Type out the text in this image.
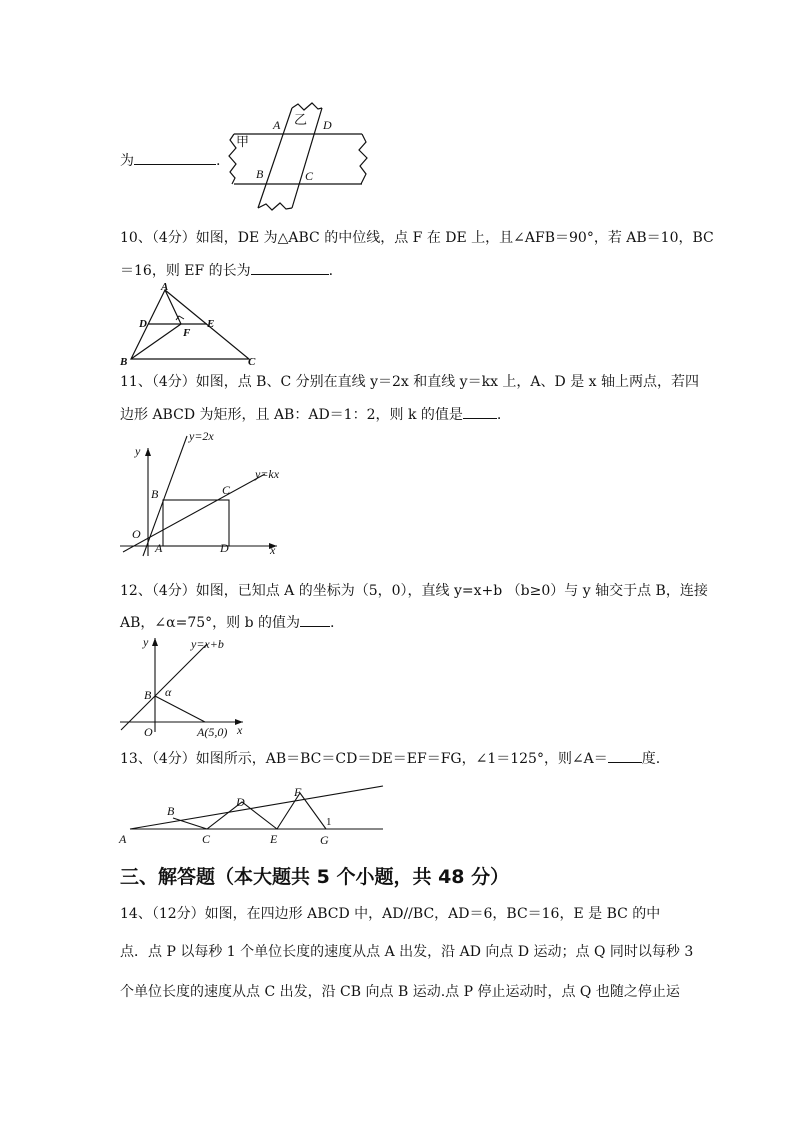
为	.
甲
乙
A	D
B	C
10、（4分）如图，DE 为△ABC 的中位线，点 F 在 DE 上，且∠AFB＝90°，若 AB＝10，BC
＝16，则 EF 的长为	.
A
D	E
F
B	C
11、（4分）如图，点 B、C 分别在直线 y＝2x 和直线 y＝kx 上，A、D 是 x 轴上两点，若四
边形 ABCD 为矩形，且 AB：AD＝1：2，则 k 的值是 .
y
x
y=2x
y=kx
O
A
B	C
D
12、（4分）如图，已知点 A 的坐标为（5，0），直线 y=x+b （b≥0）与 y 轴交于点 B，连接
AB，∠α=75°，则 b 的值为 .
y
x
y=x+b
B α
O	A(5,0)
13、（4分）如图所示，AB＝BC＝CD＝DE＝EF＝FG，∠1＝125°，则∠A＝ 度.
A
B
C
D
E
F
G
1
三、解答题（本大题共 5 个小题，共 48 分）
14、（12分）如图，在四边形 ABCD 中，AD//BC，AD＝6，BC＝16，E 是 BC 的中
点．点 P 以每秒 1 个单位长度的速度从点 A 出发，沿 AD 向点 D 运动；点 Q 同时以每秒 3
个单位长度的速度从点 C 出发，沿 CB 向点 B 运动.点 P 停止运动时，点 Q 也随之停止运
